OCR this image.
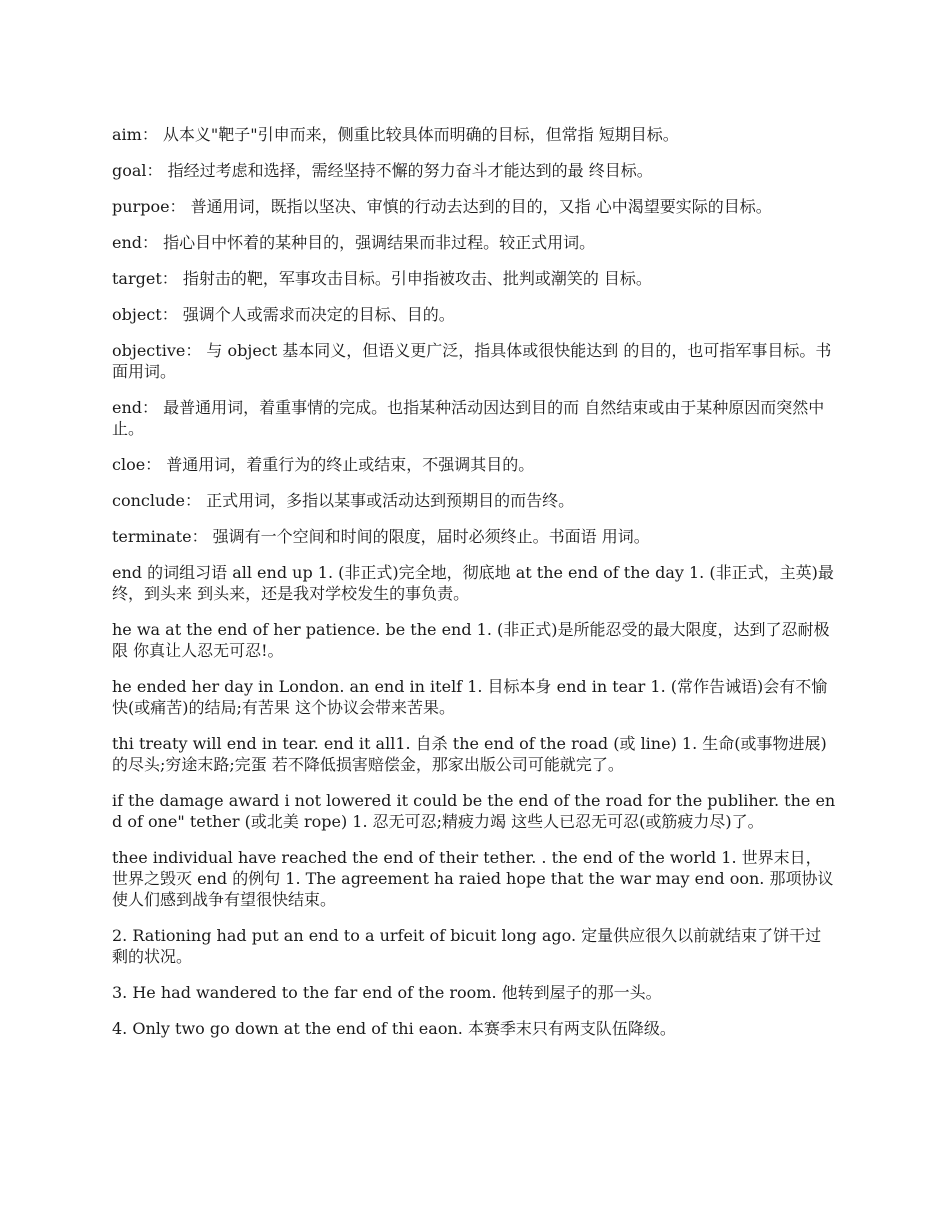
aim： 从本义"靶子"引申而来，侧重比较具体而明确的目标，但常指 短期目标。

goal： 指经过考虑和选择，需经坚持不懈的努力奋斗才能达到的最 终目标。

purpoe： 普通用词，既指以坚决、审慎的行动去达到的目的，又指 心中渴望要实际的目标。

end： 指心目中怀着的某种目的，强调结果而非过程。较正式用词。

target： 指射击的靶，军事攻击目标。引申指被攻击、批判或潮笑的 目标。

object： 强调个人或需求而决定的目标、目的。

objective： 与 object 基本同义，但语义更广泛，指具体或很快能达到 的目的，也可指军事目标。书面用词。

end： 最普通用词，着重事情的完成。也指某种活动因达到目的而 自然结束或由于某种原因而突然中止。

cloe： 普通用词，着重行为的终止或结束，不强调其目的。

conclude： 正式用词，多指以某事或活动达到预期目的而告终。

terminate： 强调有一个空间和时间的限度，届时必须终止。书面语 用词。

end 的词组习语 all end up 1. (非正式)完全地，彻底地 at the end of the day 1. (非正式，主英)最终，到头来 到头来，还是我对学校发生的事负责。

he wa at the end of her patience. be the end 1. (非正式)是所能忍受的最大限度，达到了忍耐极限 你真让人忍无可忍!。

he ended her day in London. an end in itelf 1. 目标本身 end in tear 1. (常作告诫语)会有不愉快(或痛苦)的结局;有苦果 这个协议会带来苦果。

thi treaty will end in tear. end it all1. 自杀 the end of the road (或 line) 1. 生命(或事物进展)的尽头;穷途末路;完蛋 若不降低损害赔偿金，那家出版公司可能就完了。

if the damage award i not lowered it could be the end of the road for the publiher. the end of one" tether (或北美 rope) 1. 忍无可忍;精疲力竭 这些人已忍无可忍(或筋疲力尽)了。

thee individual have reached the end of their tether. . the end of the world 1. 世界末日，世界之毁灭 end 的例句 1. The agreement ha raied hope that the war may end oon. 那项协议使人们感到战争有望很快结束。

2. Rationing had put an end to a urfeit of bicuit long ago. 定量供应很久以前就结束了饼干过剩的状况。

3. He had wandered to the far end of the room. 他转到屋子的那一头。

4. Only two go down at the end of thi eaon. 本赛季末只有两支队伍降级。
